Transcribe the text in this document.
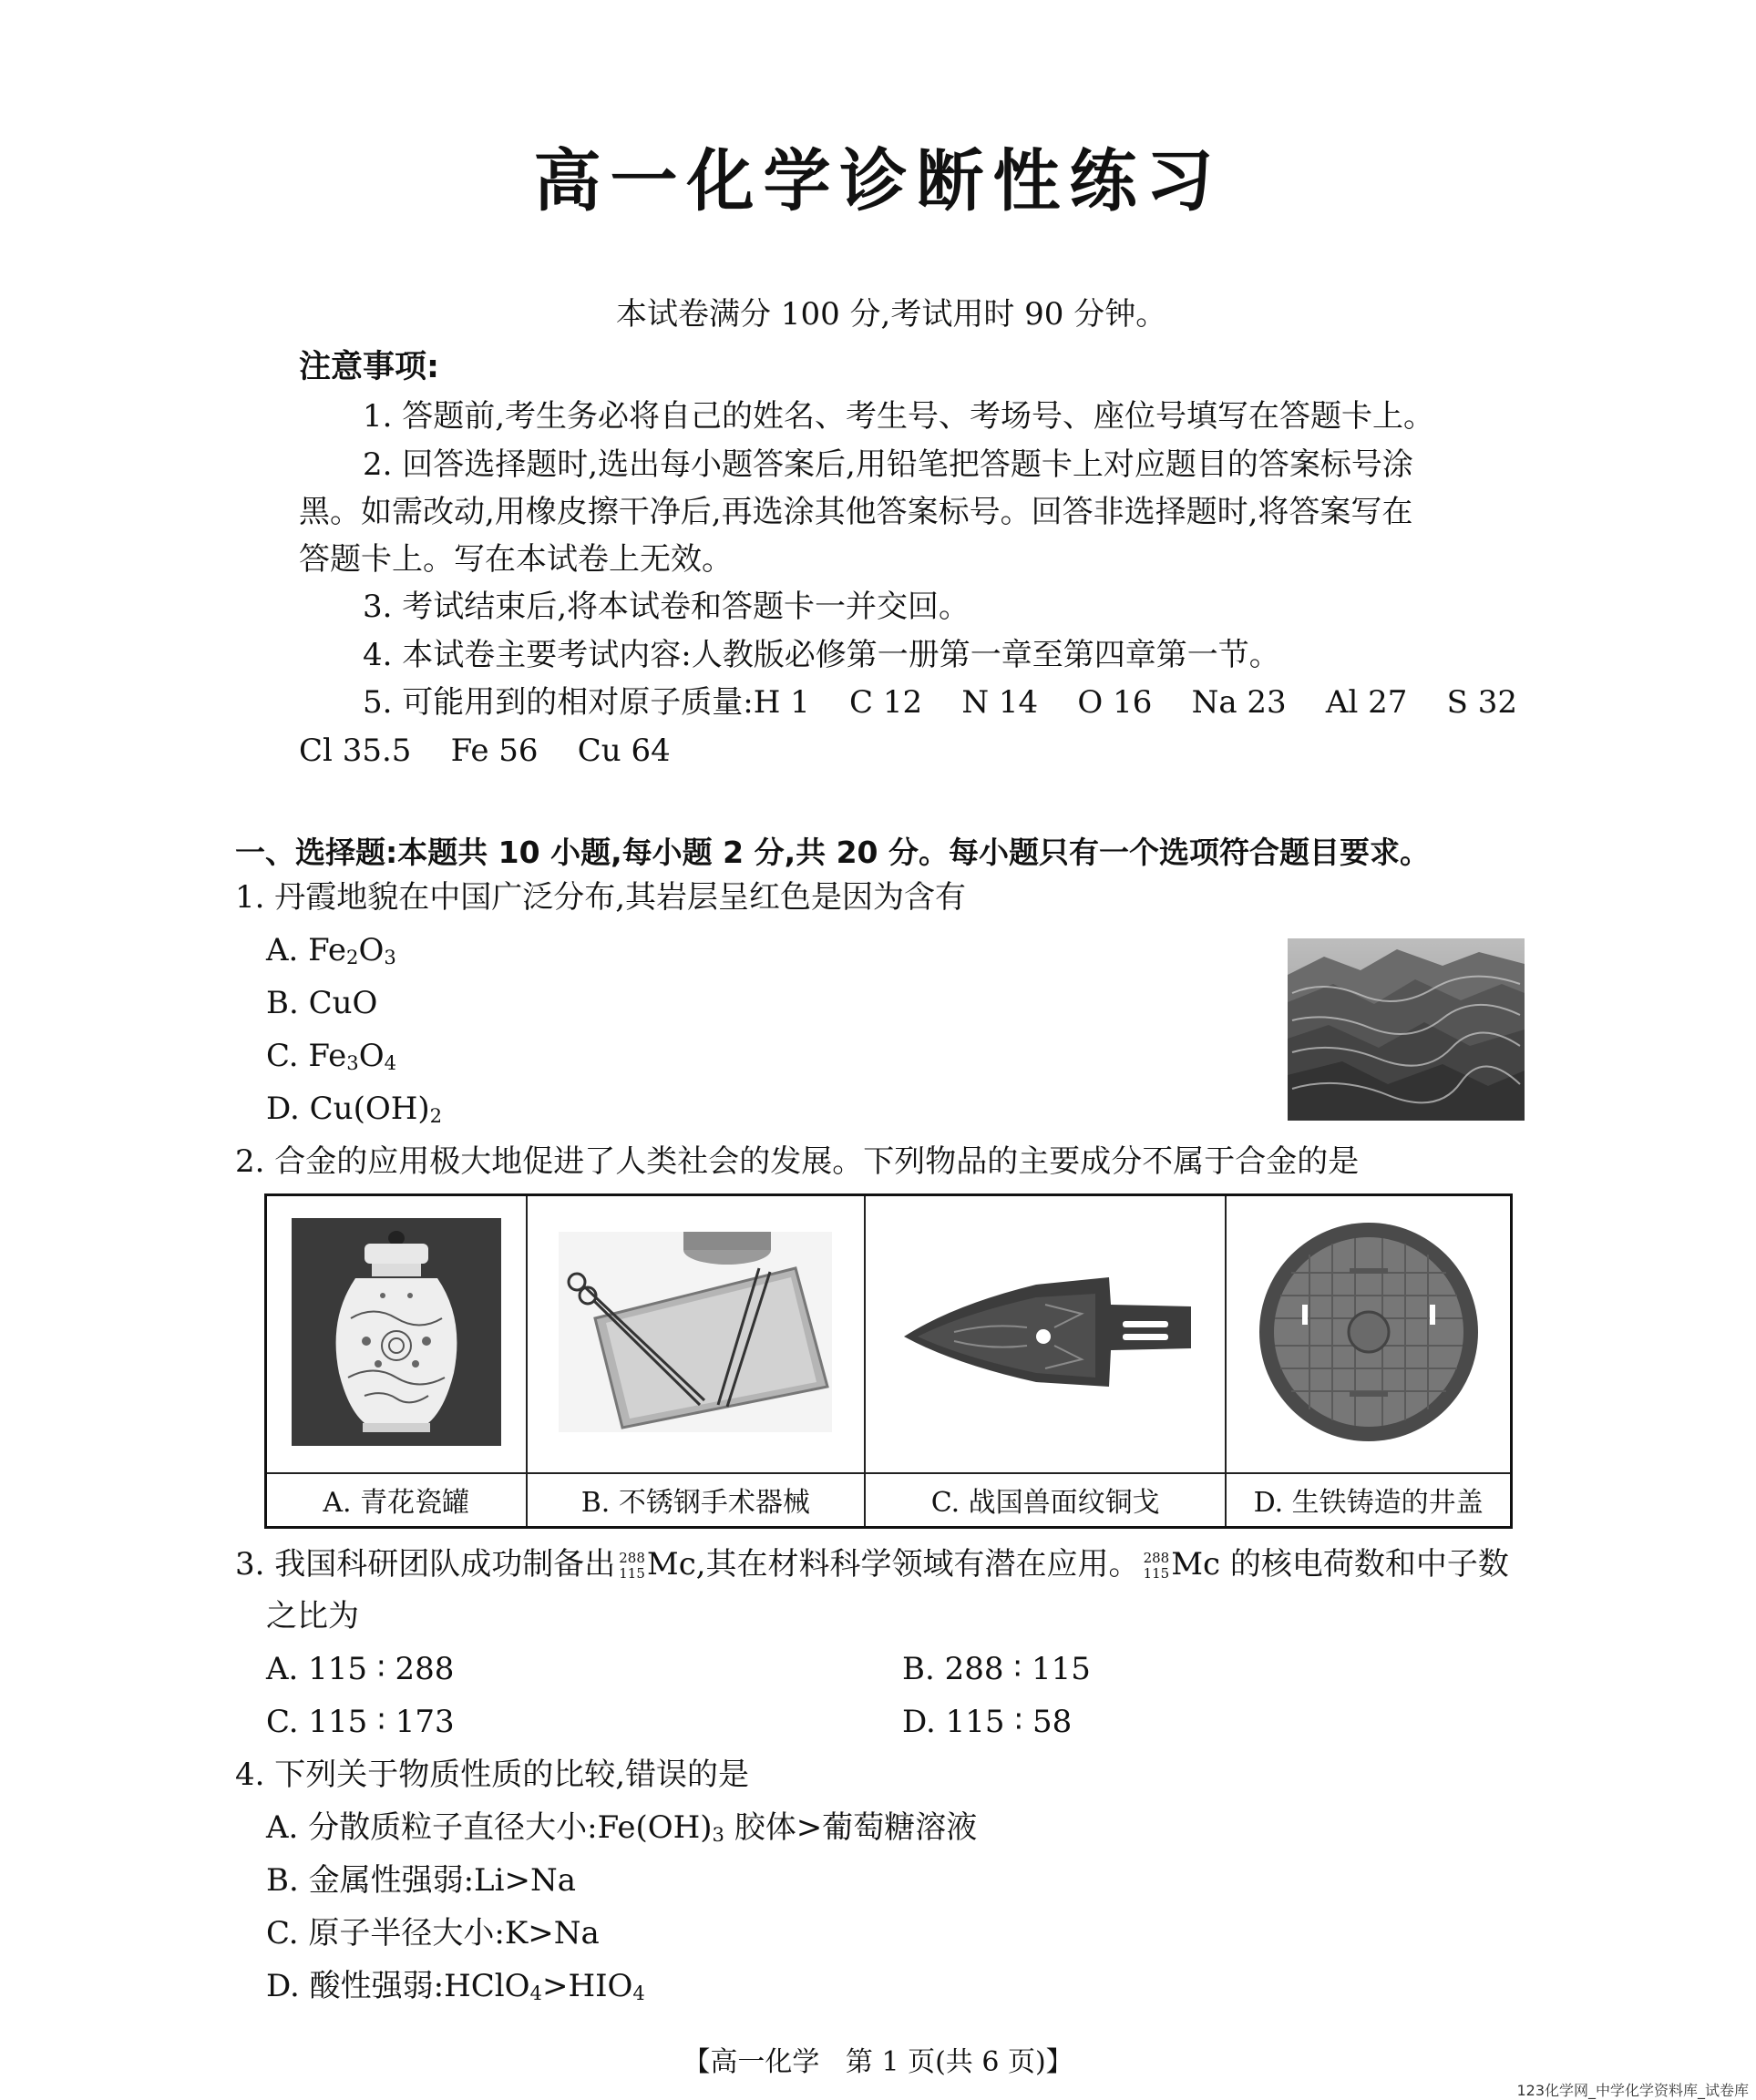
高一化学诊断性练习
本试卷满分 100 分,考试用时 90 分钟。
注意事项:
1. 答题前,考生务必将自己的姓名、考生号、考场号、座位号填写在答题卡上。
2. 回答选择题时,选出每小题答案后,用铅笔把答题卡上对应题目的答案标号涂
黑。如需改动,用橡皮擦干净后,再选涂其他答案标号。回答非选择题时,将答案写在
答题卡上。写在本试卷上无效。
3. 考试结束后,将本试卷和答题卡一并交回。
4. 本试卷主要考试内容:人教版必修第一册第一章至第四章第一节。
5. 可能用到的相对原子质量:H 1    C 12    N 14    O 16    Na 23    Al 27    S 32
Cl 35.5    Fe 56    Cu 64
一、选择题:本题共 10 小题,每小题 2 分,共 20 分。每小题只有一个选项符合题目要求。
1. 丹霞地貌在中国广泛分布,其岩层呈红色是因为含有
A. $Fe_2O_3$
B. CuO
C. $Fe_3O_4$
D. $Cu(OH)_2$
2. 合金的应用极大地促进了人类社会的发展。下列物品的主要成分不属于合金的是

A. 青花瓷罐	B. 不锈钢手术器械	C. 战国兽面纹铜戈	D. 生铁铸造的井盖
3. 我国科研团队成功制备出 288
115 Mc,其在材料科学领域有潜在应用。 288
115 Mc 的核电荷数和中子数
之比为
A. 115 ∶ 288	B. 288 ∶ 115
C. 115 ∶ 173	D. 115 ∶ 58
4. 下列关于物质性质的比较,错误的是
A. 分散质粒子直径大小$:Fe(OH)_3$ 胶体>葡萄糖溶液
B. 金属性强弱:Li>Na
C. 原子半径大小:K>Na
D. 酸性强弱$:HClO_4>HIO_4$
【高一化学   第 1 页(共 6 页)】
123化学网_中学化学资料库_试卷库
